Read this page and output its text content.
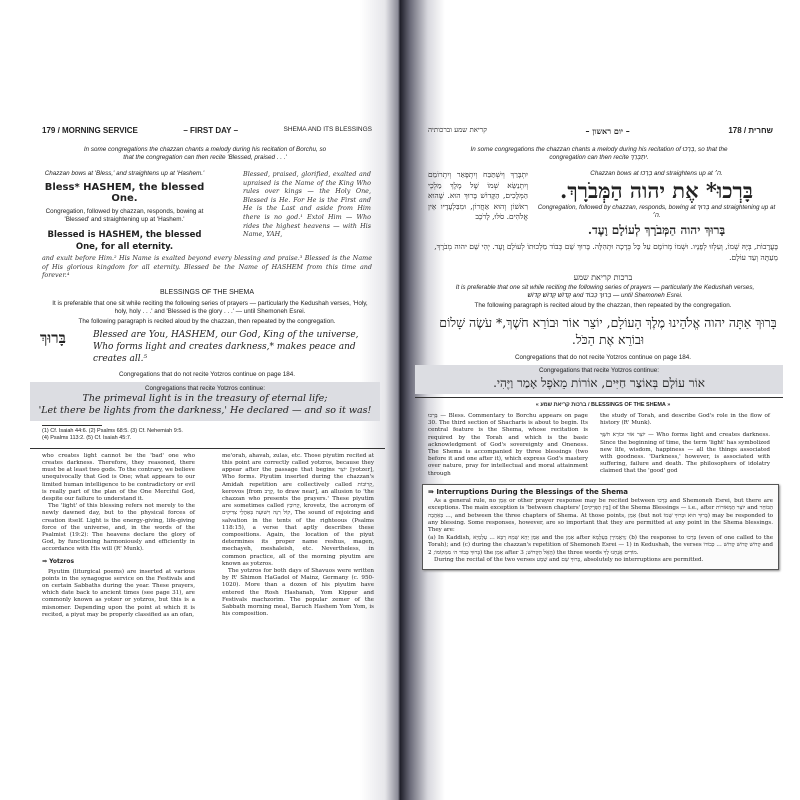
179 / MORNING SERVICE	– FIRST DAY –	SHEMA AND ITS BLESSINGS
In some congregations the chazzan chants a melody during his recitation of Borchu, so that the congregation can then recite 'Blessed, praised . . .'
Chazzan bows at 'Bless,' and straightens up at 'Hashem.'
Bless* HASHEM, the blessed One.
Congregation, followed by chazzan, responds, bowing at 'Blessed' and straightening up at 'Hashem.'
Blessed is HASHEM, the blessed One, for all eternity.
Blessed, praised, glorified, exalted and upraised is the Name of the King Who rules over kings — the Holy One, Blessed is He. For He is the First and He is the Last and aside from Him there is no god.¹ Extol Him — Who rides the highest heavens — with His Name, YAH,
and exult before Him.² His Name is exalted beyond every blessing and praise.³ Blessed is the Name of His glorious kingdom for all eternity. Blessed be the Name of HASHEM from this time and forever.⁴
BLESSINGS OF THE SHEMA
It is preferable that one sit while reciting the following series of prayers — particularly the Kedushah verses, 'Holy, holy, holy . . .' and 'Blessed is the glory . . .' — until Shemoneh Esrei.
The following paragraph is recited aloud by the chazzan, then repeated by the congregation.
בָּרוּךְ	Blessed are You, HASHEM, our God, King of the universe, Who forms light and creates darkness,* makes peace and creates all.⁵
Congregations that do not recite Yotzros continue on page 184.
Congregations that recite Yotzros continue:
The primeval light is in the treasury of eternal life;
'Let there be lights from the darkness,' He declared — and so it was!
(1) Cf. Isaiah 44:6. (2) Psalms 68:5. (3) Cf. Nehemiah 9:5.
(4) Psalms 113:2. (5) Cf. Isaiah 45:7.
who creates light cannot be the 'bad' one who creates darkness. Therefore, they reasoned, there must be at least two gods. To the contrary, we believe unequivocally that God is One; what appears to our limited human intelligence to be contradictory or evil is really part of the plan of the One Merciful God, despite our failure to understand it.
The 'light' of this blessing refers not merely to the newly dawned day, but to the physical forces of creation itself. Light is the energy-giving, life-giving force of the universe, and, in the words of the Psalmist (19:2): The heavens declare the glory of God, by functioning harmoniously and efficiently in accordance with His will (R' Munk).
⇛ Yotzros
Piyutim (liturgical poems) are inserted at various points in the synagogue service on the Festivals and on certain Sabbaths during the year. These prayers, which date back to ancient times (see page 31), are commonly known as yotzer or yotzros, but this is a misnomer. Depending upon the point at which it is recited, a piyut may be properly classified as an ofan,
me'orah, ahavah, zulas, etc. Those piyutim recited at this point are correctly called yotzros, because they appear after the passage that begins יוֹצֵר [yotzer], Who forms. Piyutim inserted during the chazzan's Amidah repetition are collectively called קְרוֹבוֹת, kerovos [from קָרַב, to draw near], an allusion to 'the chazzan who presents the prayers.' These piyutim are sometimes called קְרוּבַץ, krovetz, the acronym of קוֹל רִנָּה וִישׁוּעָה בְּאָהֳלֵי צַדִּיקִים, The sound of rejoicing and salvation in the tents of the righteous (Psalms 118:15), a verse that aptly describes these compositions. Again, the location of the piyut determines its proper name reshus, magen, mechayeh, meshaleish, etc. Nevertheless, in common practice, all of the morning piyutim are known as yotzros.
The yotzros for both days of Shavuos were written by R' Shimon HaGadol of Mainz, Germany (c. 950-1020). More than a dozen of his piyutim have entered the Rosh Hashanah, Yom Kippur and Festivals machzorim. The popular zemer of the Sabbath morning meal, Baruch Hashem Yom Yom, is his composition.
קריאת שמע וברכותיה	– יום ראשון –	178 / שחרית
In some congregations the chazzan chants a melody during his recitation of בָּרְכוּ, so that the congregation can then recite יִתְבָּרַךְ.
יִתְבָּרַךְ וְיִשְׁתַּבַּח וְיִתְפָּאַר וְיִתְרוֹמַם וְיִתְנַשֵּׂא שְׁמוֹ שֶׁל מֶלֶךְ מַלְכֵי הַמְּלָכִים, הַקָּדוֹשׁ בָּרוּךְ הוּא. שֶׁהוּא רִאשׁוֹן וְהוּא אַחֲרוֹן, וּמִבַּלְעָדָיו אֵין אֱלֹהִים. סֹלּוּ, לָרֹכֵב
Chazzan bows at בָּרְכוּ and straightens up at ה׳.
בָּרְכוּ* אֶת יהוה הַמְּבֹרָךְ.
Congregation, followed by chazzan, responds, bowing at בָּרוּךְ and straightening up at ה׳.
בָּרוּךְ יהוה הַמְּבֹרָךְ לְעוֹלָם וָעֶד.
בָּעֲרָבוֹת, בְּיָהּ שְׁמוֹ, וְעִלְזוּ לְפָנָיו. וּשְׁמוֹ מְרוֹמָם עַל כָּל בְּרָכָה וּתְהִלָּה. בָּרוּךְ שֵׁם כְּבוֹד מַלְכוּתוֹ לְעוֹלָם וָעֶד. יְהִי שֵׁם יהוה מְבֹרָךְ, מֵעַתָּה וְעַד עוֹלָם.
ברכות קריאת שמע
It is preferable that one sit while reciting the following series of prayers — particularly the Kedushah verses, קָדוֹשׁ קָדוֹשׁ קָדוֹשׁ and בָּרוּךְ כְּבוֹד — until Shemoneh Esrei.
The following paragraph is recited aloud by the chazzan, then repeated by the congregation.
בָּרוּךְ אַתָּה יהוה אֱלֹהֵינוּ מֶלֶךְ הָעוֹלָם, יוֹצֵר אוֹר וּבוֹרֵא חֹשֶׁךְ,* עֹשֶׂה שָׁלוֹם וּבוֹרֵא אֶת הַכֹּל.
Congregations that do not recite Yotzros continue on page 184.
Congregations that recite Yotzros continue:
אוֹר עוֹלָם בְּאוֹצַר חַיִּים, אוֹרוֹת מֵאֹפֶל אָמַר וַיֶּהִי.
« ברכות קריאת שמע / BLESSINGS OF THE SHEMA »
בָּרְכוּ — Bless. Commentary to Borchu appears on page 30. The third section of Shacharis is about to begin. Its central feature is the Shema, whose recitation is required by the Torah and which is the basic acknowledgment of God's sovereignty and Oneness. The Shema is accompanied by three blessings (two before it and one after it), which express God's mastery over nature, pray for intellectual and moral attainment through
the study of Torah, and describe God's role in the flow of history (R' Munk).
יוֹצֵר אוֹר וּבוֹרֵא חֹשֶׁךְ — Who forms light and creates darkness. Since the beginning of time, the term 'light' has symbolized new life, wisdom, happiness — all the things associated with goodness. 'Darkness,' however, is associated with suffering, failure and death. The philosophers of idolatry claimed that the 'good' god
⇛ Interruptions During the Blessings of the Shema
As a general rule, no אָמֵן or other prayer response may be recited between בָּרְכוּ and Shemoneh Esrei, but there are exceptions. The main exception is 'between chapters' [בֵּין הַפְּרָקִים] of the Shema Blessings — i.e., after יוֹצֵר הַמְּאוֹרוֹת and הַבּוֹחֵר ... בְּאַהֲבָה, and between the three chapters of Shema. At those points, אָמֵן (but not בָּרוּךְ הוּא וּבָרוּךְ שְׁמוֹ) may be responded to any blessing. Some responses, however, are so important that they are permitted at any point in the Shema blessings. They are:
(a) In Kaddish, אָמֵן יְהֵא שְׁמֵהּ רַבָּא ... עָלְמַיָּא and the אָמֵן after דַּאֲמִירָן בְּעָלְמָא; (b) the response to בָּרְכוּ (even of one called to the Torah); and (c) during the chazzan's repetition of Shemoneh Esrei — 1) in Kedushah, the verses קָדוֹשׁ קָדוֹשׁ קָדוֹשׁ ... כְּבוֹדוֹ and בָּרוּךְ כְּבוֹד ה׳ מִמְּקוֹמוֹ; 2) the אָמֵן after הָאֵל הַקָּדוֹשׁ; 3) the three words מוֹדִים אֲנַחְנוּ לָךְ.
During the recital of the two verses שְׁמַע and בָּרוּךְ שֵׁם, absolutely no interruptions are permitted.
